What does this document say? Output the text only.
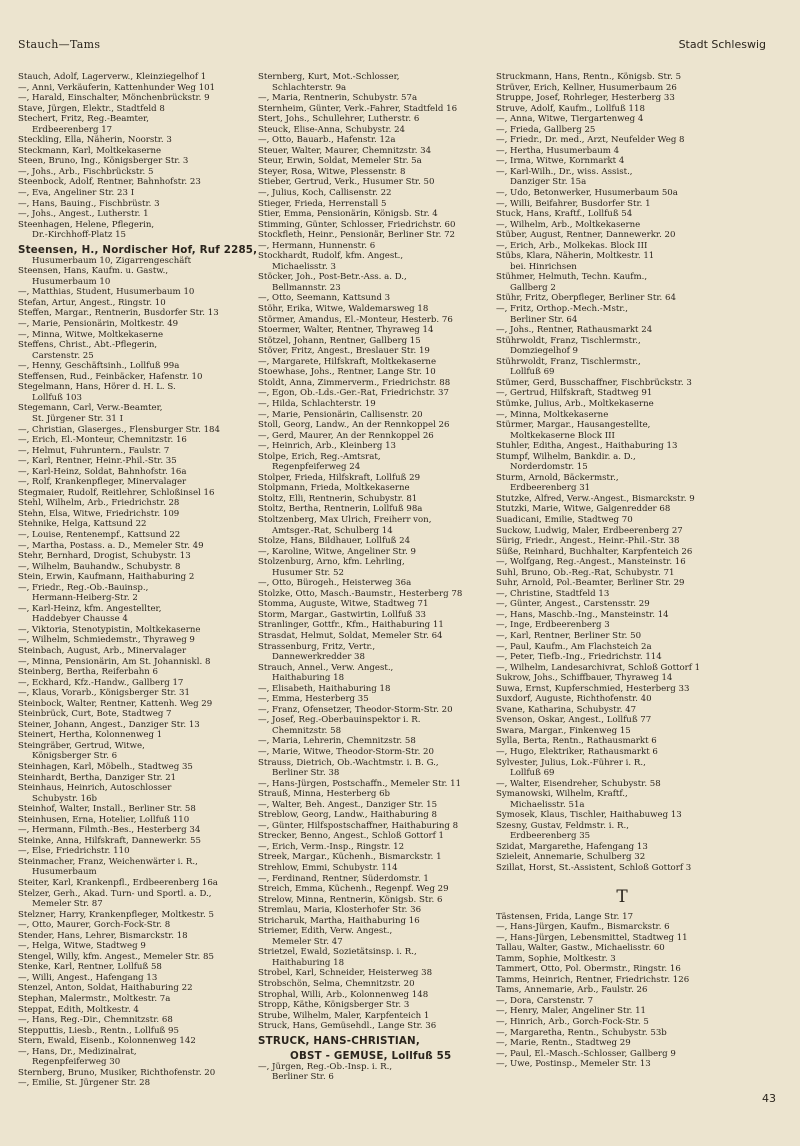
Stauch—Tams	Stadt Schleswig
Stauch, Adolf, Lagerverw., Kleinziegelhof 1
—, Anni, Verkäuferin, Kattenhunder Weg 101
—, Harald, Einschalter, Mönchenbrückstr. 9
Stave, Jürgen, Elektr., Stadtfeld 8
Stechert, Fritz, Reg.-Beamter,
Erdbeerenberg 17
Steckling, Ella, Näherin, Noorstr. 3
Steckmann, Karl, Moltkekaserne
Steen, Bruno, Ing., Königsberger Str. 3
—, Johs., Arb., Fischbrückstr. 5
Steenbock, Adolf, Rentner, Bahnhofstr. 23
—, Eva, Angeliner Str. 23 I
—, Hans, Bauing., Fischbrüstr. 3
—, Johs., Angest., Lutherstr. 1
Steenhagen, Helene, Pflegerin,
Dr.-Kirchhoff-Platz 15
Steensen, H., Nordischer Hof, Ruf 2285,
Husumerbaum 10, Zigarrengeschäft
Steensen, Hans, Kaufm. u. Gastw.,
Husumerbaum 10
—, Matthias, Student, Husumerbaum 10
Stefan, Artur, Angest., Ringstr. 10
Steffen, Margar., Rentnerin, Busdorfer Str. 13
—, Marie, Pensionärin, Moltkestr. 49
—, Minna, Witwe, Moltkekaserne
Steffens, Christ., Abt.-Pflegerin,
Carstenstr. 25
—, Henny, Geschäftsinh., Lollfuß 99a
Steffensen, Rud., Feinbäcker, Hafenstr. 10
Stegelmann, Hans, Hörer d. H. L. S.
Lollfuß 103
Stegemann, Carl, Verw.-Beamter,
St. Jürgener Str. 31 I
—, Christian, Glaserges., Flensburger Str. 184
—, Erich, El.-Monteur, Chemnitzstr. 16
—, Helmut, Fuhruntern., Faulstr. 7
—, Karl, Rentner, Heinr.-Phil.-Str. 35
—, Karl-Heinz, Soldat, Bahnhofstr. 16a
—, Rolf, Krankenpfleger, Minervalager
Stegmaier, Rudolf, Reitlehrer, Schloßinsel 16
Stehl, Wilhelm, Arb., Friedrichstr. 28
Stehn, Elsa, Witwe, Friedrichstr. 109
Stehnike, Helga, Kattsund 22
—, Louise, Rentenempf., Kattsund 22
—, Martha, Postass. a. D., Memeler Str. 49
Stehr, Bernhard, Drogist, Schubystr. 13
—, Wilhelm, Bauhandw., Schubystr. 8
Stein, Erwin, Kaufmann, Haithaburing 2
—, Friedr., Reg.-Ob.-Bauinsp.,
Hermann-Heiberg-Str. 2
—, Karl-Heinz, kfm. Angestellter,
Haddebyer Chausse 4
—, Viktoria, Stenotypistin, Moltkekaserne
—, Wilhelm, Schmiedemstr., Thyraweg 9
Steinbach, August, Arb., Minervalager
—, Minna, Pensionärin, Am St. Johanniskl. 8
Steinberg, Bertha, Reiferbahn 6
—, Eckhard, Kfz.-Handw., Gallberg 17
—, Klaus, Vorarb., Königsberger Str. 31
Steinbock, Walter, Rentner, Kattenh. Weg 29
Steinbrück, Curt, Bote, Stadtweg 7
Steiner, Johann, Angest., Danziger Str. 13
Steinert, Hertha, Kolonnenweg 1
Steingräber, Gertrud, Witwe,
Königsberger Str. 6
Steinhagen, Karl, Möbelh., Stadtweg 35
Steinhardt, Bertha, Danziger Str. 21
Steinhaus, Heinrich, Autoschlosser
Schubystr. 16b
Steinhof, Walter, Install., Berliner Str. 58
Steinhusen, Erna, Hotelier, Lollfuß 110
—, Hermann, Filmth.-Bes., Hesterberg 34
Steinke, Anna, Hilfskraft, Dannewerkr. 55
—, Else, Friedrichstr. 110
Steinmacher, Franz, Weichenwärter i. R.,
Husumerbaum
Steiter, Karl, Krankenpfl., Erdbeerenberg 16a
Stelzer, Gerh., Akad. Turn- und Sportl. a. D.,
Memeler Str. 87
Stelzner, Harry, Krankenpfleger, Moltkestr. 5
—, Otto, Maurer, Gorch-Fock-Str. 8
Stender, Hans, Lehrer, Bismarckstr. 18
—, Helga, Witwe, Stadtweg 9
Stengel, Willy, kfm. Angest., Memeler Str. 85
Stenke, Karl, Rentner, Lollfuß 58
—, Willi, Angest., Hafengang 13
Stenzel, Anton, Soldat, Haithaburing 22
Stephan, Malermstr., Moltkestr. 7a
Steppat, Edith, Moltkestr. 4
—, Hans, Reg.-Dir., Chemnitzstr. 68
Stepputtis, Liesb., Rentn., Lollfuß 95
Stern, Ewald, Eisenb., Kolonnenweg 142
—, Hans, Dr., Medizinalrat,
Regenpfeiferweg 30
Sternberg, Bruno, Musiker, Richthofenstr. 20
—, Emilie, St. Jürgener Str. 28
Sternberg, Kurt, Mot.-Schlosser,
Schlachterstr. 9a
—, Maria, Rentnerin, Schubystr. 57a
Sternheim, Günter, Verk.-Fahrer, Stadtfeld 16
Stert, Johs., Schullehrer, Lutherstr. 6
Steuck, Elise-Anna, Schubystr. 24
—, Otto, Bauarb., Hafenstr. 12a
Steuer, Walter, Maurer, Chemnitzstr. 34
Steur, Erwin, Soldat, Memeler Str. 5a
Steyer, Rosa, Witwe, Plessenstr. 8
Stieber, Gertrud, Verk., Husumer Str. 50
—, Julius, Koch, Callisenstr. 22
Stieger, Frieda, Herrenstall 5
Stier, Emma, Pensionärin, Königsb. Str. 4
Stimming, Günter, Schlosser, Friedrichstr. 60
Stockfleth, Heinr., Pensionär, Berliner Str. 72
—, Hermann, Hunnenstr. 6
Stockhardt, Rudolf, kfm. Angest.,
Michaelisstr. 3
Stöcker, Joh., Post-Betr.-Ass. a. D.,
Bellmannstr. 23
—, Otto, Seemann, Kattsund 3
Stöhr, Erika, Witwe, Waldemarsweg 18
Störmer, Amandus, El.-Monteur, Hesterb. 76
Stoermer, Walter, Rentner, Thyraweg 14
Stötzel, Johann, Rentner, Gallberg 15
Stöver, Fritz, Angest., Breslauer Str. 19
—, Margarete, Hilfskraft, Moltkekaserne
Stoewhase, Johs., Rentner, Lange Str. 10
Stoldt, Anna, Zimmerverm., Friedrichstr. 88
—, Egon, Ob.-Lds.-Ger.-Rat, Friedrichstr. 37
—, Hilda, Schlachterstr. 19
—, Marie, Pensionärin, Callisenstr. 20
Stoll, Georg, Landw., An der Rennkoppel 26
—, Gerd, Maurer, An der Rennkoppel 26
—, Heinrich, Arb., Kleinberg 13
Stolpe, Erich, Reg.-Amtsrat,
Regenpfeiferweg 24
Stolper, Frieda, Hilfskraft, Lollfuß 29
Stolpmann, Frieda, Moltkekaserne
Stoltz, Elli, Rentnerin, Schubystr. 81
Stoltz, Bertha, Rentnerin, Lollfuß 98a
Stoltzenberg, Max Ulrich, Freiherr von,
Amtsger.-Rat, Schulberg 14
Stolze, Hans, Bildhauer, Lollfuß 24
—, Karoline, Witwe, Angeliner Str. 9
Stolzenburg, Arno, kfm. Lehrling,
Husumer Str. 52
—, Otto, Bürogeh., Heisterweg 36a
Stolzke, Otto, Masch.-Baumstr., Hesterberg 78
Stomma, Auguste, Witwe, Stadtweg 71
Storm, Margar., Gastwirtin, Lollfuß 33
Stranlinger, Gottfr., Kfm., Haithaburing 11
Strasdat, Helmut, Soldat, Memeler Str. 64
Strassenburg, Fritz, Vertr.,
Dannewerkredder 38
Strauch, Annel., Verw. Angest.,
Haithaburing 18
—, Elisabeth, Haithaburing 18
—, Emma, Hesterberg 35
—, Franz, Ofensetzer, Theodor-Storm-Str. 20
—, Josef, Reg.-Oberbauinspektor i. R.
Chemnitzstr. 58
—, Maria, Lehrerin, Chemnitzstr. 58
—, Marie, Witwe, Theodor-Storm-Str. 20
Strauss, Dietrich, Ob.-Wachtmstr. i. B. G.,
Berliner Str. 38
—, Hans-Jürgen, Postschaffn., Memeler Str. 11
Strauß, Minna, Hesterberg 6b
—, Walter, Beh. Angest., Danziger Str. 15
Streblow, Georg, Landw., Haithaburing 8
—, Günter, Hilfspostschaffner, Haithaburing 8
Strecker, Benno, Angest., Schloß Gottorf 1
—, Erich, Verm.-Insp., Ringstr. 12
Streek, Margar., Küchenh., Bismarckstr. 1
Strehlow, Emmi, Schubystr. 114
—, Ferdinand, Rentner, Süderdomstr. 1
Streich, Emma, Küchenh., Regenpf. Weg 29
Strelow, Minna, Rentnerin, Königsb. Str. 6
Stremlau, Maria, Klosterhofer Str. 36
Stricharuk, Martha, Haithaburing 16
Striemer, Edith, Verw. Angest.,
Memeler Str. 47
Strietzel, Ewald, Sozietätsinsp. i. R.,
Haithaburing 18
Strobel, Karl, Schneider, Heisterweg 38
Strobschön, Selma, Chemnitzstr. 20
Strophal, Willi, Arb., Kolonnenweg 148
Stropp, Käthe, Königsberger Str. 3
Strube, Wilhelm, Maler, Karpfenteich 1
Struck, Hans, Gemüsehdl., Lange Str. 36
STRUCK, HANS-CHRISTIAN,
OBST - GEMÜSE, Lollfuß 55
—, Jürgen, Reg.-Ob.-Insp. i. R.,
Berliner Str. 6
Struckmann, Hans, Rentn., Königsb. Str. 5
Strüver, Erich, Kellner, Husumerbaum 26
Struppe, Josef, Rohrleger, Hesterberg 33
Struve, Adolf, Kaufm., Lollfuß 118
—, Anna, Witwe, Tiergartenweg 4
—, Frieda, Gallberg 25
—, Friedr., Dr. med., Arzt, Neufelder Weg 8
—, Hertha, Husumerbaum 4
—, Irma, Witwe, Kornmarkt 4
—, Karl-Wilh., Dr., wiss. Assist.,
Danziger Str. 15a
—, Udo, Betonwerker, Husumerbaum 50a
—, Willi, Beifahrer, Busdorfer Str. 1
Stuck, Hans, Kraftf., Lollfuß 54
—, Wilhelm, Arb., Moltkekaserne
Stüber, August, Rentner, Dannewerkr. 20
—, Erich, Arb., Molkekas. Block III
Stübs, Klara, Näherin, Moltkestr. 11
bei. Hinrichsen
Stühmer, Helmuth, Techn. Kaufm.,
Gallberg 2
Stühr, Fritz, Oberpfleger, Berliner Str. 64
—, Fritz, Orthop.-Mech.-Mstr.,
Berliner Str. 64
—, Johs., Rentner, Rathausmarkt 24
Stührwoldt, Franz, Tischlermstr.,
Domziegelhof 9
Stührwoldt, Franz, Tischlermstr.,
Lollfuß 69
Stümer, Gerd, Busschaffner, Fischbrückstr. 3
—, Gertrud, Hilfskraft, Stadtweg 91
Stümke, Julius, Arb., Moltkekaserne
—, Minna, Moltkekaserne
Stürmer, Margar., Hausangestellte,
Moltkekaserne Block III
Stuhler, Editha, Angest., Haithaburing 13
Stumpf, Wilhelm, Bankdir. a. D.,
Norderdomstr. 15
Sturm, Arnold, Bäckermstr.,
Erdbeerenberg 31
Stutzke, Alfred, Verw.-Angest., Bismarckstr. 9
Stutzki, Marie, Witwe, Galgenredder 68
Suadicani, Emilie, Stadtweg 70
Suckow, Ludwig, Maler, Erdbeerenberg 27
Sürig, Friedr., Angest., Heinr.-Phil.-Str. 38
Süße, Reinhard, Buchhalter, Karpfenteich 26
—, Wolfgang, Reg.-Angest., Mansteinstr. 16
Suhl, Bruno, Ob.-Reg.-Rat, Schubystr. 71
Suhr, Arnold, Pol.-Beamter, Berliner Str. 29
—, Christine, Stadtfeld 13
—, Günter, Angest., Carstensstr. 29
—, Hans, Maschb.-Ing., Mansteinstr. 14
—, Inge, Erdbeerenberg 3
—, Karl, Rentner, Berliner Str. 50
—, Paul, Kaufm., Am Flachsteich 2a
—, Peter, Tiefb.-Ing., Friedrichstr. 114
—, Wilhelm, Landesarchivrat, Schloß Gottorf 1
Sukrow, Johs., Schiffbauer, Thyraweg 14
Suwa, Ernst, Kupferschmied, Hesterberg 33
Suxdorf, Auguste, Richthofenstr. 40
Svane, Katharina, Schubystr. 47
Svenson, Oskar, Angest., Lollfuß 77
Swara, Margar., Finkenweg 15
Sylla, Berta, Rentn., Rathausmarkt 6
—, Hugo, Elektriker, Rathausmarkt 6
Sylvester, Julius, Lok.-Führer i. R.,
Lollfuß 69
—, Walter, Eisendreher, Schubystr. 58
Symanowski, Wilhelm, Kraftf.,
Michaelisstr. 51a
Symosek, Klaus, Tischler, Haithabuweg 13
Szesny, Gustav, Feldmstr. i. R.,
Erdbeerenberg 35
Szidat, Margarethe, Hafengang 13
Szieleit, Annemarie, Schulberg 32
Szillat, Horst, St.-Assistent, Schloß Gottorf 3
T
Tästensen, Frida, Lange Str. 17
—, Hans-Jürgen, Kaufm., Bismarckstr. 6
—, Hans-Jürgen, Lebensmittel, Stadtweg 11
Tallau, Walter, Gastw., Michaelisstr. 60
Tamm, Sophie, Moltkestr. 3
Tammert, Otto, Pol. Obermstr., Ringstr. 16
Tamms, Heinrich, Rentner, Friedrichstr. 126
Tams, Annemarie, Arb., Faulstr. 26
—, Dora, Carstenstr. 7
—, Henry, Maler, Angeliner Str. 11
—, Hinrich, Arb., Gorch-Fock-Str. 5
—, Margaretha, Rentn., Schubystr. 53b
—, Marie, Rentn., Stadtweg 29
—, Paul, El.-Masch.-Schlosser, Gallberg 9
—, Uwe, Postinsp., Memeler Str. 13
43
